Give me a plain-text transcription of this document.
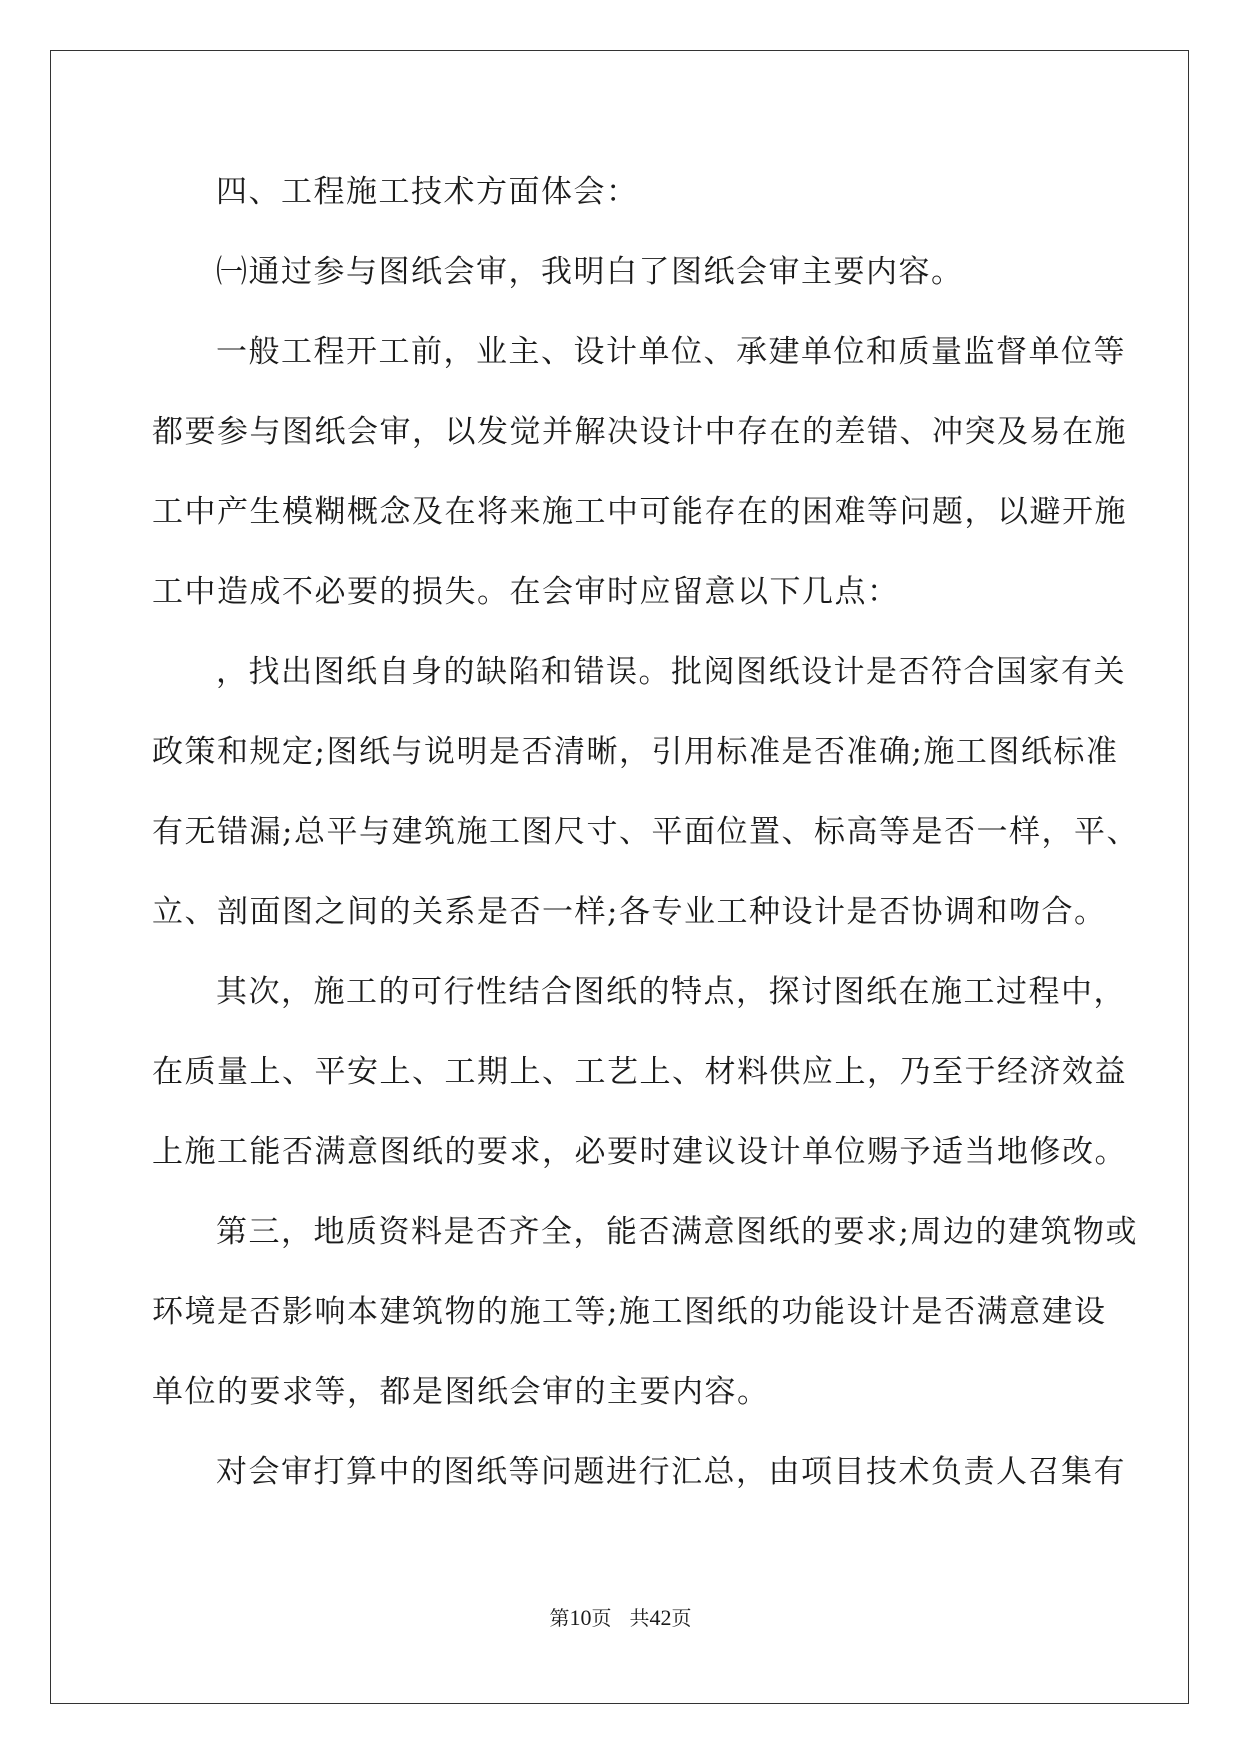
四、工程施工技术方面体会：
㈠通过参与图纸会审，我明白了图纸会审主要内容。
一般工程开工前，业主、设计单位、承建单位和质量监督单位等
都要参与图纸会审，以发觉并解决设计中存在的差错、冲突及易在施
工中产生模糊概念及在将来施工中可能存在的困难等问题，以避开施
工中造成不必要的损失。在会审时应留意以下几点：
，找出图纸自身的缺陷和错误。批阅图纸设计是否符合国家有关
政策和规定;图纸与说明是否清晰，引用标准是否准确;施工图纸标准
有无错漏;总平与建筑施工图尺寸、平面位置、标高等是否一样，平、
立、剖面图之间的关系是否一样;各专业工种设计是否协调和吻合。
其次，施工的可行性结合图纸的特点，探讨图纸在施工过程中，
在质量上、平安上、工期上、工艺上、材料供应上，乃至于经济效益
上施工能否满意图纸的要求，必要时建议设计单位赐予适当地修改。
第三，地质资料是否齐全，能否满意图纸的要求;周边的建筑物或
环境是否影响本建筑物的施工等;施工图纸的功能设计是否满意建设
单位的要求等，都是图纸会审的主要内容。
对会审打算中的图纸等问题进行汇总，由项目技术负责人召集有
第10页 共42页
